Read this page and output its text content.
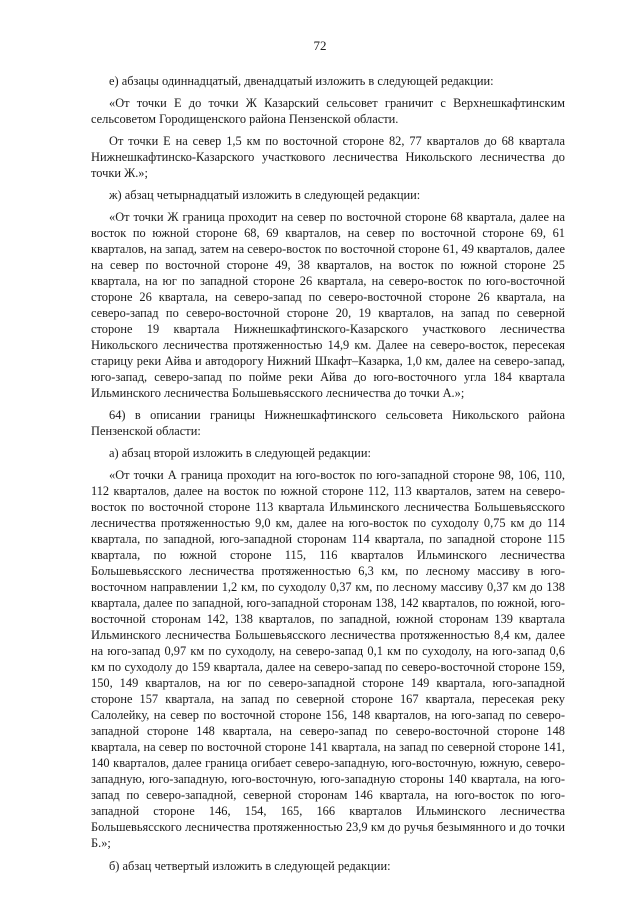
72

е) абзацы одиннадцатый, двенадцатый изложить в следующей редакции:

«От точки Е до точки Ж Казарский сельсовет граничит с Верхнешкафтинским сельсоветом Городищенского района Пензенской области.

От точки Е на север 1,5 км по восточной стороне 82, 77 кварталов до 68 квартала Нижнешкафтинско-Казарского участкового лесничества Никольского лесничества до точки Ж.»;

ж) абзац четырнадцатый изложить в следующей редакции:

«От точки Ж граница проходит на север по восточной стороне 68 квартала, далее на восток по южной стороне 68, 69 кварталов, на север по восточной стороне 69, 61 кварталов, на запад, затем на северо-восток по восточной стороне 61, 49 кварталов, далее на север по восточной стороне 49, 38 кварталов, на восток по южной стороне 25 квартала, на юг по западной стороне 26 квартала, на северо-восток по юго-восточной стороне 26 квартала, на северо-запад по северо-восточной стороне 26 квартала, на северо-запад по северо-восточной стороне 20, 19 кварталов, на запад по северной стороне 19 квартала Нижнешкафтинского-Казарского участкового лесничества Никольского лесничества протяженностью 14,9 км. Далее на северо-восток, пересекая старицу реки Айва и автодорогу Нижний Шкафт–Казарка, 1,0 км, далее на северо-запад, юго-запад, северо-запад по пойме реки Айва до юго-восточного угла 184 квартала Ильминского лесничества Большевьясского лесничества до точки А.»;

64) в описании границы Нижнешкафтинского сельсовета Никольского района Пензенской области:

а) абзац второй изложить в следующей редакции:

«От точки А граница проходит на юго-восток по юго-западной стороне 98, 106, 110, 112 кварталов, далее на восток по южной стороне 112, 113 кварталов, затем на северо-восток по восточной стороне 113 квартала Ильминского лесничества Большевьясского лесничества протяженностью 9,0 км, далее на юго-восток по суходолу 0,75 км до 114 квартала, по западной, юго-западной сторонам 114 квартала, по западной стороне 115 квартала, по южной стороне 115, 116 кварталов Ильминского лесничества Большевьясского лесничества протяженностью 6,3 км, по лесному массиву в юго-восточном направлении 1,2 км, по суходолу 0,37 км, по лесному массиву 0,37 км до 138 квартала, далее по западной, юго-западной сторонам 138, 142 кварталов, по южной, юго-восточной сторонам 142, 138 кварталов, по западной, южной сторонам 139 квартала Ильминского лесничества Большевьясского лесничества протяженностью 8,4 км, далее на юго-запад 0,97 км по суходолу, на северо-запад 0,1 км по суходолу, на юго-запад 0,6 км по суходолу до 159 квартала, далее на северо-запад по северо-восточной стороне 159, 150, 149 кварталов, на юг по северо-западной стороне 149 квартала, юго-западной стороне 157 квартала, на запад по северной стороне 167 квартала, пересекая реку Салолейку, на север по восточной стороне 156, 148 кварталов, на юго-запад по северо-западной стороне 148 квартала, на северо-запад по северо-восточной стороне 148 квартала, на север по восточной стороне 141 квартала, на запад по северной стороне 141, 140 кварталов, далее граница огибает северо-западную, юго-восточную, южную, северо-западную, юго-западную, юго-восточную, юго-западную стороны 140 квартала, на юго-запад по северо-западной, северной сторонам 146 квартала, на юго-восток по юго-западной стороне 146, 154, 165, 166 кварталов Ильминского лесничества Большевьясского лесничества протяженностью 23,9 км до ручья безымянного и до точки Б.»;

б) абзац четвертый изложить в следующей редакции:
